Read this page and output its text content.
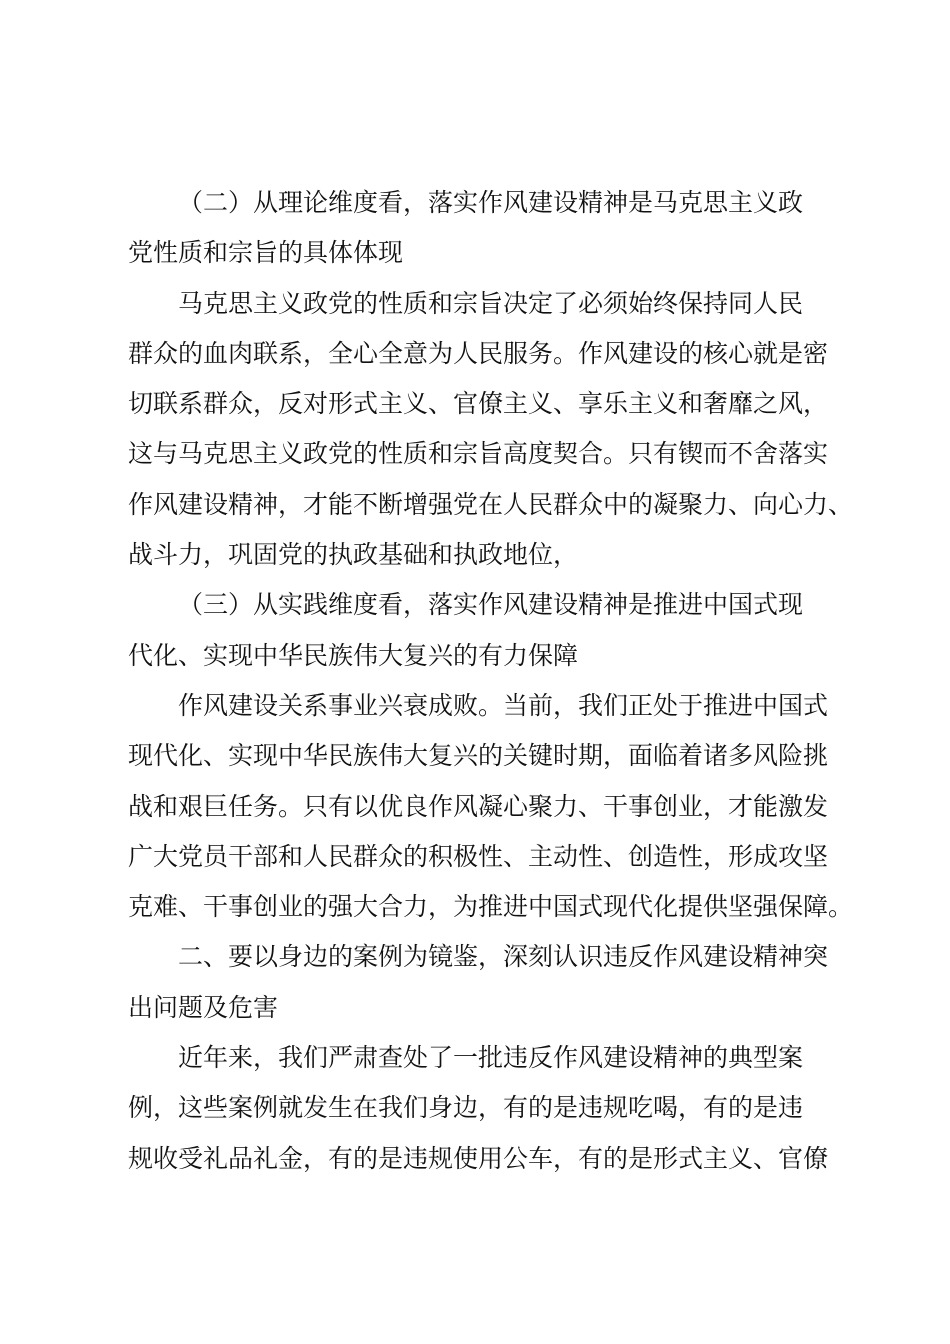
（二）从理论维度看，落实作风建设精神是马克思主义政
党性质和宗旨的具体体现
马克思主义政党的性质和宗旨决定了必须始终保持同人民
群众的血肉联系，全心全意为人民服务。作风建设的核心就是密
切联系群众，反对形式主义、官僚主义、享乐主义和奢靡之风，
这与马克思主义政党的性质和宗旨高度契合。只有锲而不舍落实
作风建设精神，才能不断增强党在人民群众中的凝聚力、向心力、
战斗力，巩固党的执政基础和执政地位，
（三）从实践维度看，落实作风建设精神是推进中国式现
代化、实现中华民族伟大复兴的有力保障
作风建设关系事业兴衰成败。当前，我们正处于推进中国式
现代化、实现中华民族伟大复兴的关键时期，面临着诸多风险挑
战和艰巨任务。只有以优良作风凝心聚力、干事创业，才能激发
广大党员干部和人民群众的积极性、主动性、创造性，形成攻坚
克难、干事创业的强大合力，为推进中国式现代化提供坚强保障。
二、要以身边的案例为镜鉴，深刻认识违反作风建设精神突
出问题及危害
近年来，我们严肃查处了一批违反作风建设精神的典型案
例，这些案例就发生在我们身边，有的是违规吃喝，有的是违
规收受礼品礼金，有的是违规使用公车，有的是形式主义、官僚
